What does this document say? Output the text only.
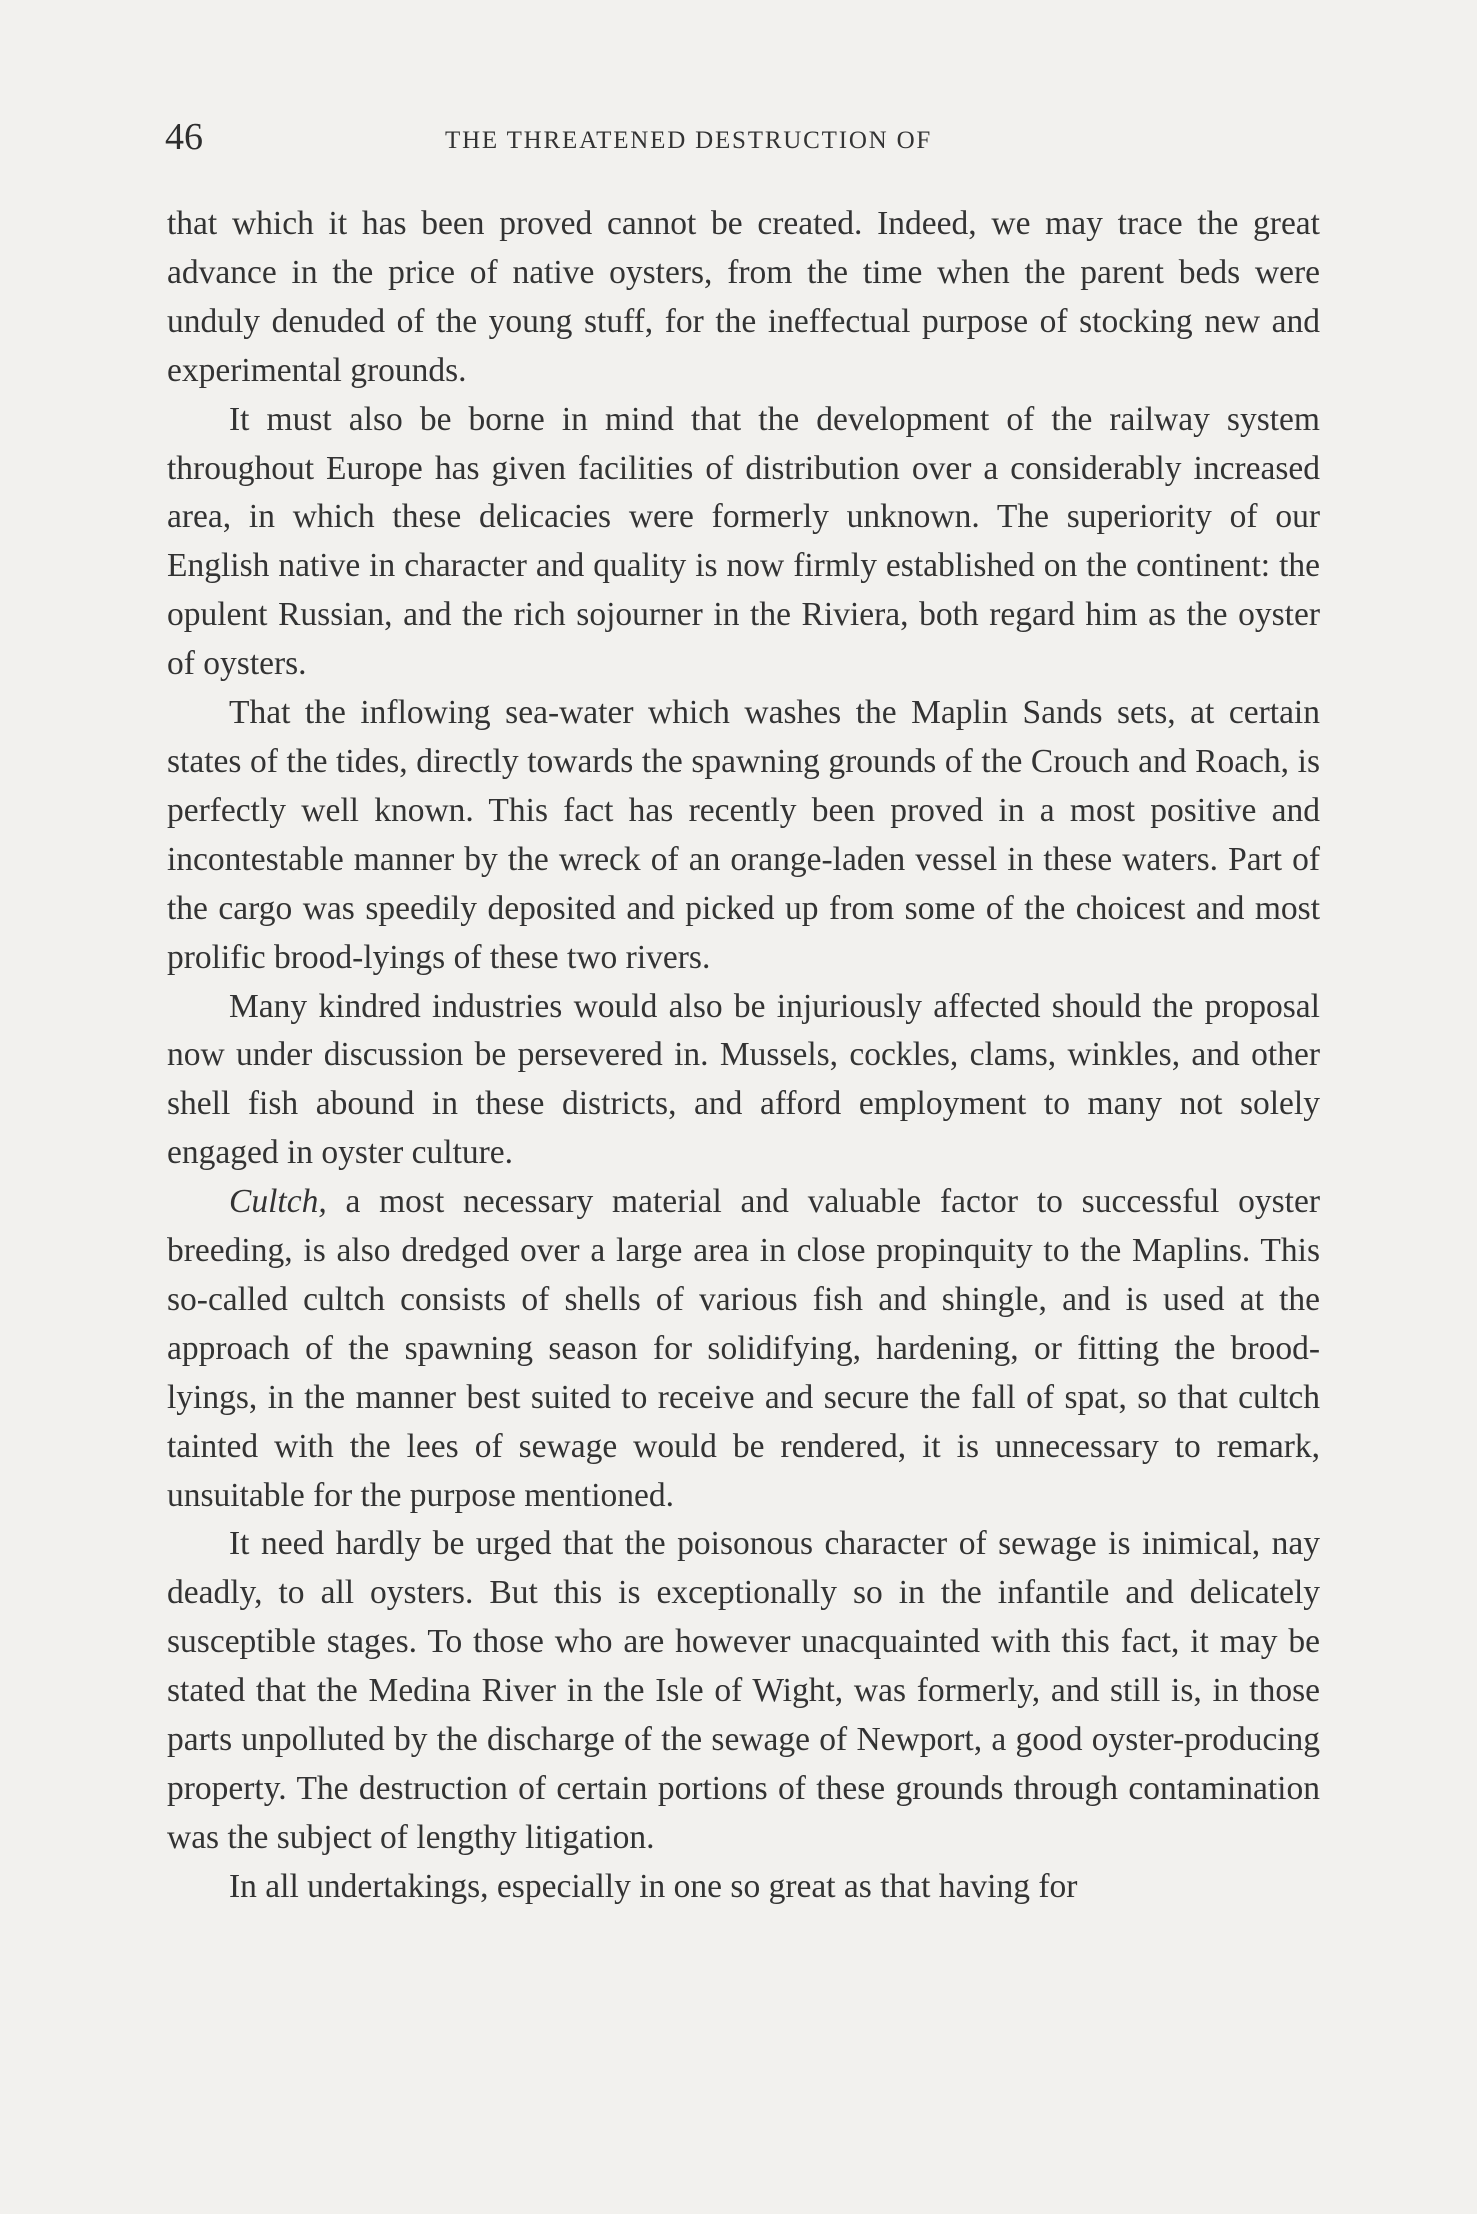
46	THE THREATENED DESTRUCTION OF

that which it has been proved cannot be created. Indeed, we may trace the great advance in the price of native oysters, from the time when the parent beds were unduly denuded of the young stuff, for the ineffectual purpose of stocking new and experimental grounds.

It must also be borne in mind that the development of the railway system throughout Europe has given facilities of distribution over a considerably increased area, in which these delicacies were formerly unknown. The superiority of our English native in character and quality is now firmly established on the continent: the opulent Russian, and the rich sojourner in the Riviera, both regard him as the oyster of oysters.

That the inflowing sea-water which washes the Maplin Sands sets, at certain states of the tides, directly towards the spawning grounds of the Crouch and Roach, is perfectly well known. This fact has recently been proved in a most positive and incontestable manner by the wreck of an orange-laden vessel in these waters. Part of the cargo was speedily deposited and picked up from some of the choicest and most prolific brood-lyings of these two rivers.

Many kindred industries would also be injuriously affected should the proposal now under discussion be persevered in. Mussels, cockles, clams, winkles, and other shell fish abound in these districts, and afford employment to many not solely engaged in oyster culture.

Cultch, a most necessary material and valuable factor to successful oyster breeding, is also dredged over a large area in close propinquity to the Maplins. This so-called cultch consists of shells of various fish and shingle, and is used at the approach of the spawning season for solidifying, hardening, or fitting the brood-lyings, in the manner best suited to receive and secure the fall of spat, so that cultch tainted with the lees of sewage would be rendered, it is unnecessary to remark, unsuitable for the purpose mentioned.

It need hardly be urged that the poisonous character of sewage is inimical, nay deadly, to all oysters. But this is exceptionally so in the infantile and delicately susceptible stages. To those who are however unacquainted with this fact, it may be stated that the Medina River in the Isle of Wight, was formerly, and still is, in those parts unpolluted by the discharge of the sewage of Newport, a good oyster-producing property. The destruction of certain portions of these grounds through contamination was the subject of lengthy litigation.

In all undertakings, especially in one so great as that having for
